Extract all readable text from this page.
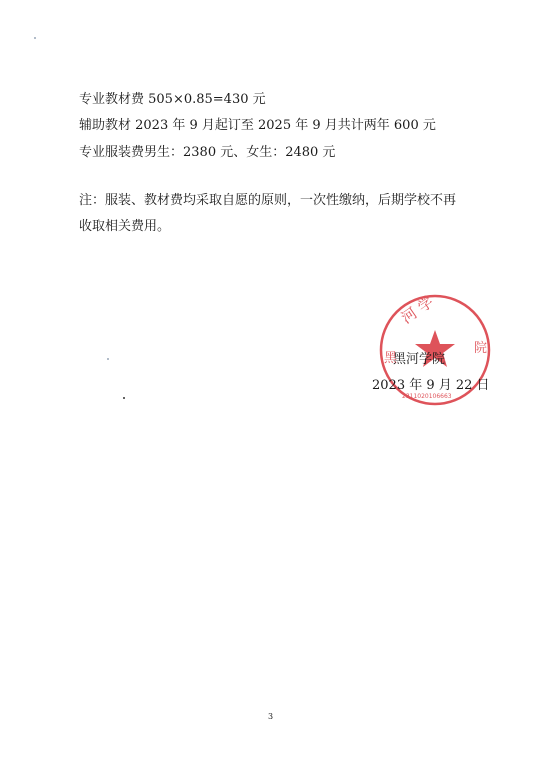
专业教材费 505×0.85=430 元
辅助教材 2023 年 9 月起订至 2025 年 9 月共计两年 600 元
专业服装费男生：2380 元、女生：2480 元
注：服装、教材费均采取自愿的原则，一次性缴纳，后期学校不再
收取相关费用。
河 学
黑
院
2311020106663
黑河学院
2023 年 9 月 22 日
3
